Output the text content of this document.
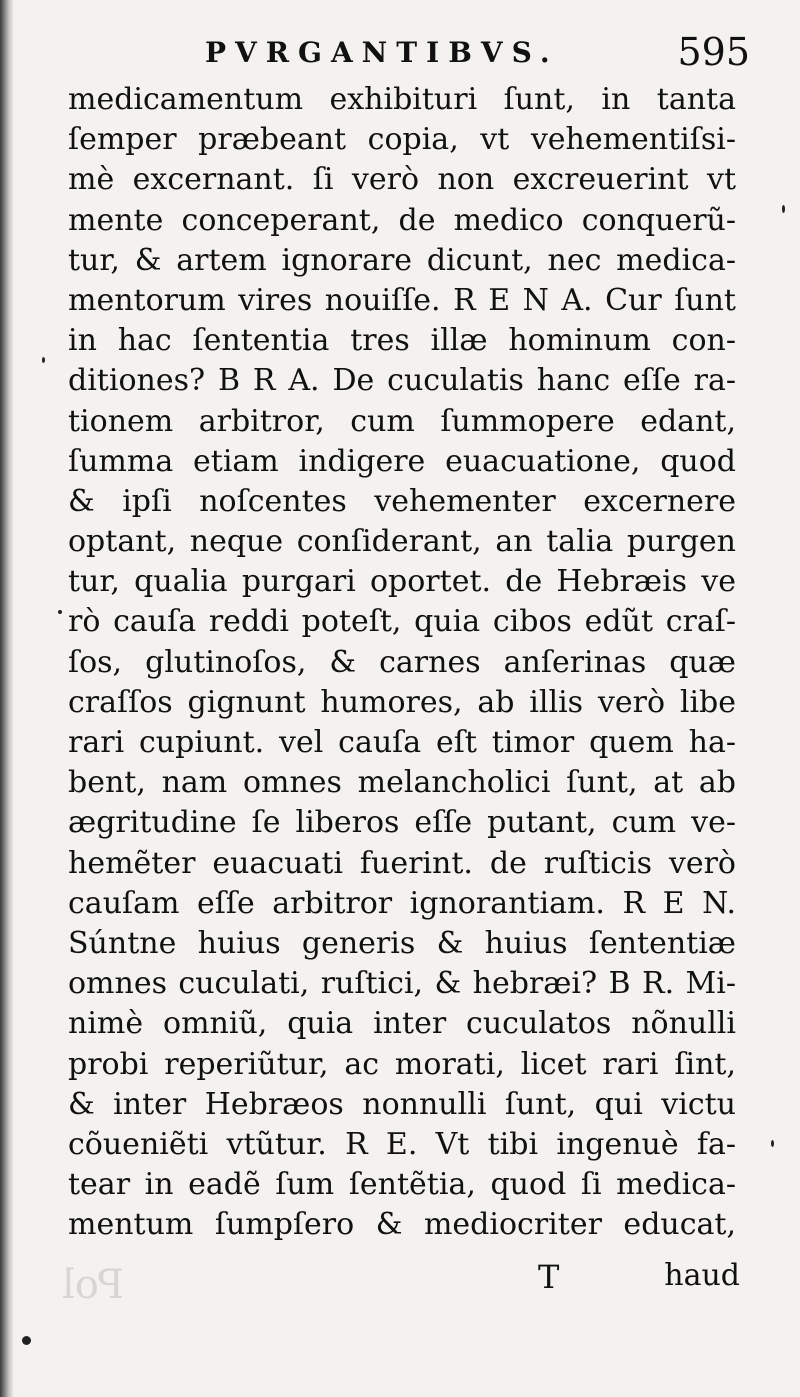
PVRGANTIBVS.	595
medicamentum exhibituri ſunt, in tanta
ſemper præbeant copia, vt vehementiſsi-
mè excernant. ſi verò non excreuerint vt
mente conceperant, de medico conquerũ-
tur, & artem ignorare dicunt, nec medica-
mentorum vires nouiſſe. R E N A. Cur ſunt
in hac ſententia tres illæ hominum con-
ditiones? B R A. De cuculatis hanc eſſe ra-
tionem arbitror, cum ſummopere edant,
ſumma etiam indigere euacuatione, quod
& ipſi noſcentes vehementer excernere
optant, neque conſiderant, an talia purgen
tur, qualia purgari oportet. de Hebræis ve
rò cauſa reddi poteſt, quia cibos edũt craſ-
ſos, glutinoſos, & carnes anſerinas quæ
craſſos gignunt humores, ab illis verò libe
rari cupiunt. vel cauſa eſt timor quem ha-
bent, nam omnes melancholici ſunt, at ab
ægritudine ſe liberos eſſe putant, cum ve-
hemẽter euacuati fuerint. de ruſticis verò
cauſam eſſe arbitror ignorantiam. R E N.
Súntne huius generis & huius ſententiæ
omnes cuculati, ruſtici, & hebræi? B R. Mi-
nimè omniũ, quia inter cuculatos nõnulli
probi reperiũtur, ac morati, licet rari ſint,
& inter Hebræos nonnulli ſunt, qui victu
cõueniẽti vtũtur. R E. Vt tibi ingenuè fa-
tear in eadẽ ſum ſentẽtia, quod ſi medica-
mentum ſumpſero & mediocriter educat,
Pol	T	haud
